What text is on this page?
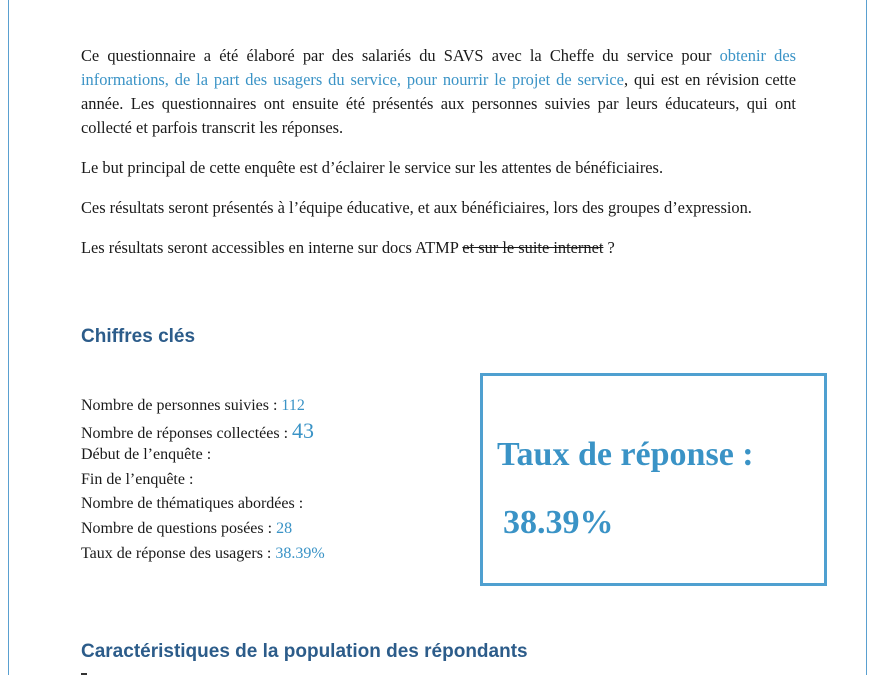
Ce questionnaire a été élaboré par des salariés du SAVS avec la Cheffe du service pour obtenir des informations, de la part des usagers du service, pour nourrir le projet de service, qui est en révision cette année. Les questionnaires ont ensuite été présentés aux personnes suivies par leurs éducateurs, qui ont collecté et parfois transcrit les réponses.

Le but principal de cette enquête est d’éclairer le service sur les attentes de bénéficiaires.

Ces résultats seront présentés à l’équipe éducative, et aux bénéficiaires, lors des groupes d’expression.

Les résultats seront accessibles en interne sur docs ATMP et sur le suite internet ?

Chiffres clés
Nombre de personnes suivies : 112
Nombre de réponses collectées : 43
Début de l’enquête :
Fin de l’enquête :
Nombre de thématiques abordées :
Nombre de questions posées : 28
Taux de réponse des usagers : 38.39%
Taux de réponse :
38.39%
Caractéristiques de la population des répondants
